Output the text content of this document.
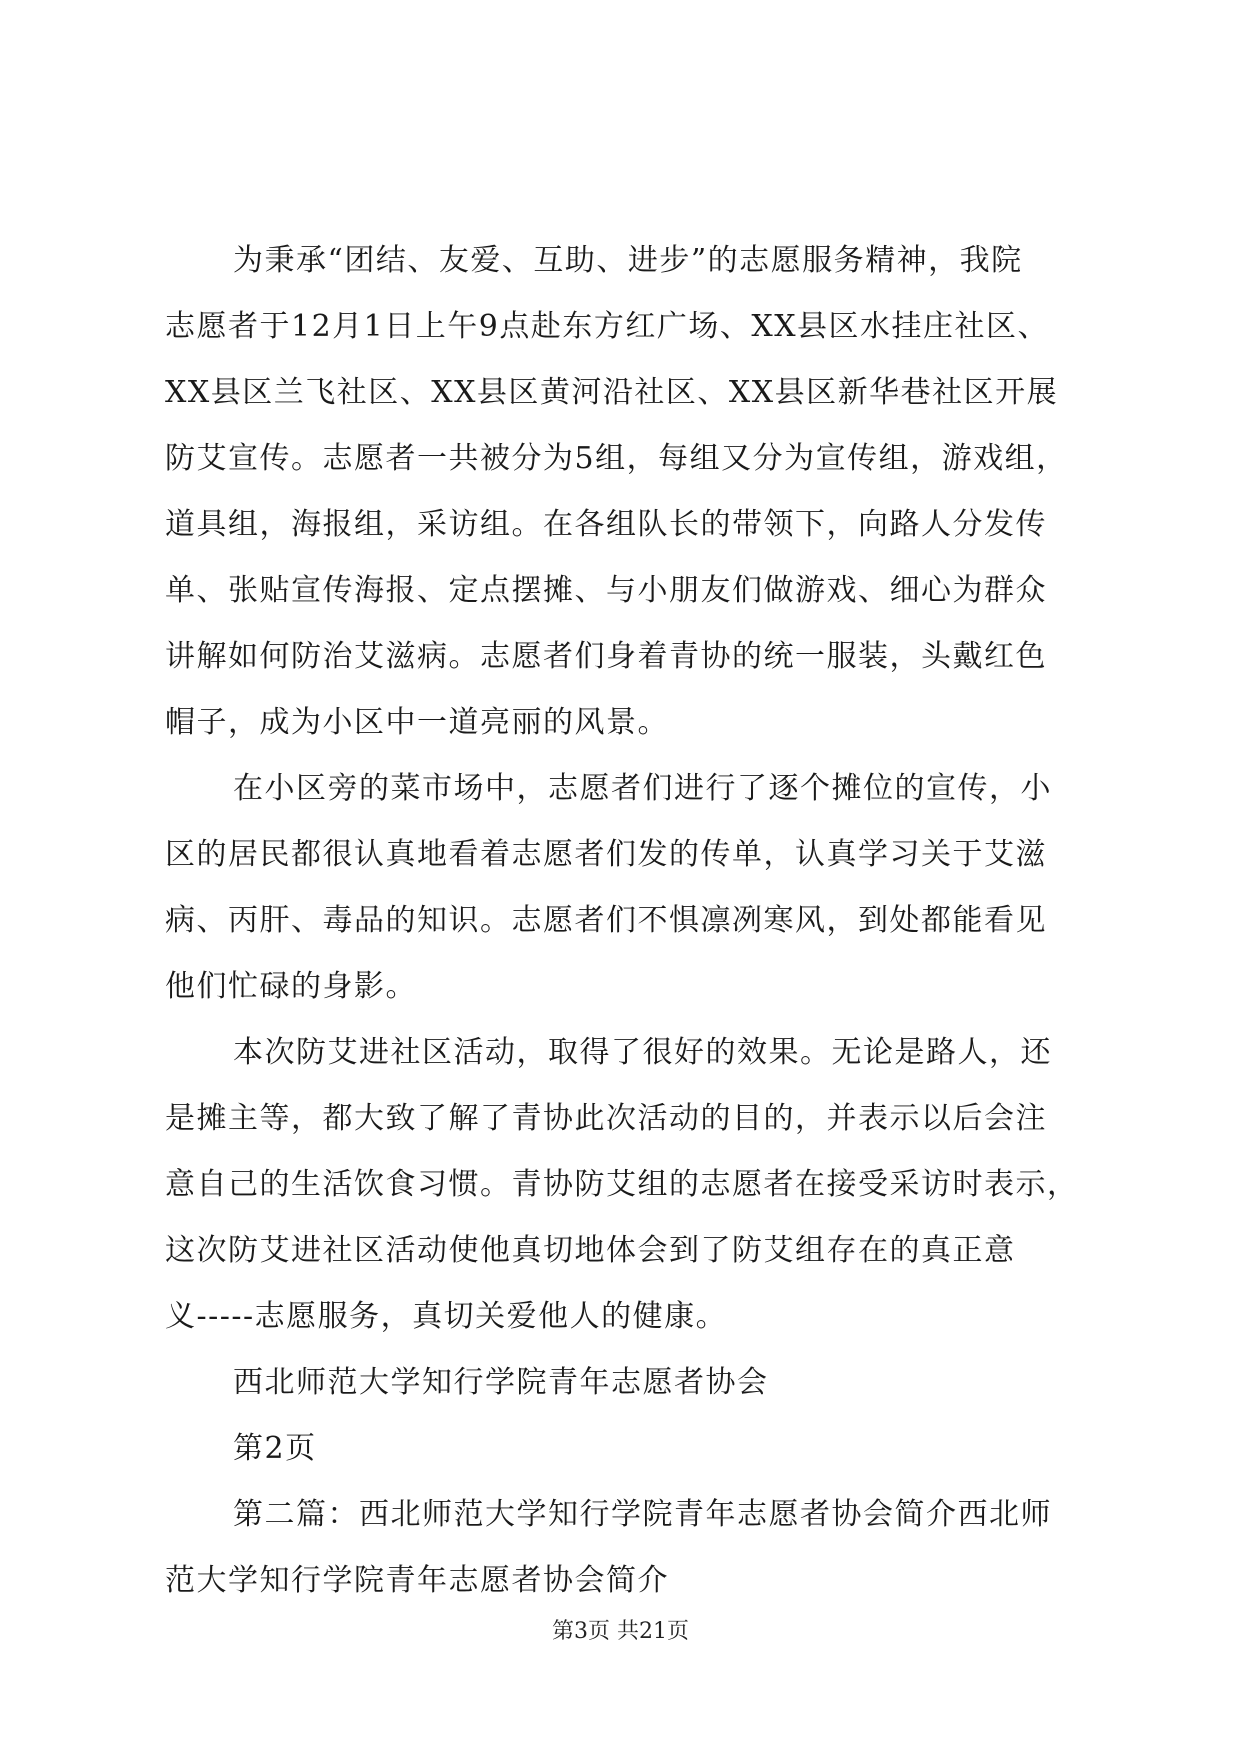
为秉承“团结、友爱、互助、进步”的志愿服务精神，我院
志愿者于12月1日上午9点赴东方红广场、XX县区水挂庄社区、
XX县区兰飞社区、XX县区黄河沿社区、XX县区新华巷社区开展
防艾宣传。志愿者一共被分为5组，每组又分为宣传组，游戏组，
道具组，海报组，采访组。在各组队长的带领下，向路人分发传
单、张贴宣传海报、定点摆摊、与小朋友们做游戏、细心为群众
讲解如何防治艾滋病。志愿者们身着青协的统一服装，头戴红色
帽子，成为小区中一道亮丽的风景。
在小区旁的菜市场中，志愿者们进行了逐个摊位的宣传，小
区的居民都很认真地看着志愿者们发的传单，认真学习关于艾滋
病、丙肝、毒品的知识。志愿者们不惧凛冽寒风，到处都能看见
他们忙碌的身影。
本次防艾进社区活动，取得了很好的效果。无论是路人，还
是摊主等，都大致了解了青协此次活动的目的，并表示以后会注
意自己的生活饮食习惯。青协防艾组的志愿者在接受采访时表示，
这次防艾进社区活动使他真切地体会到了防艾组存在的真正意
义-----志愿服务，真切关爱他人的健康。
西北师范大学知行学院青年志愿者协会
第2页
第二篇：西北师范大学知行学院青年志愿者协会简介西北师
范大学知行学院青年志愿者协会简介
第3页 共21页
